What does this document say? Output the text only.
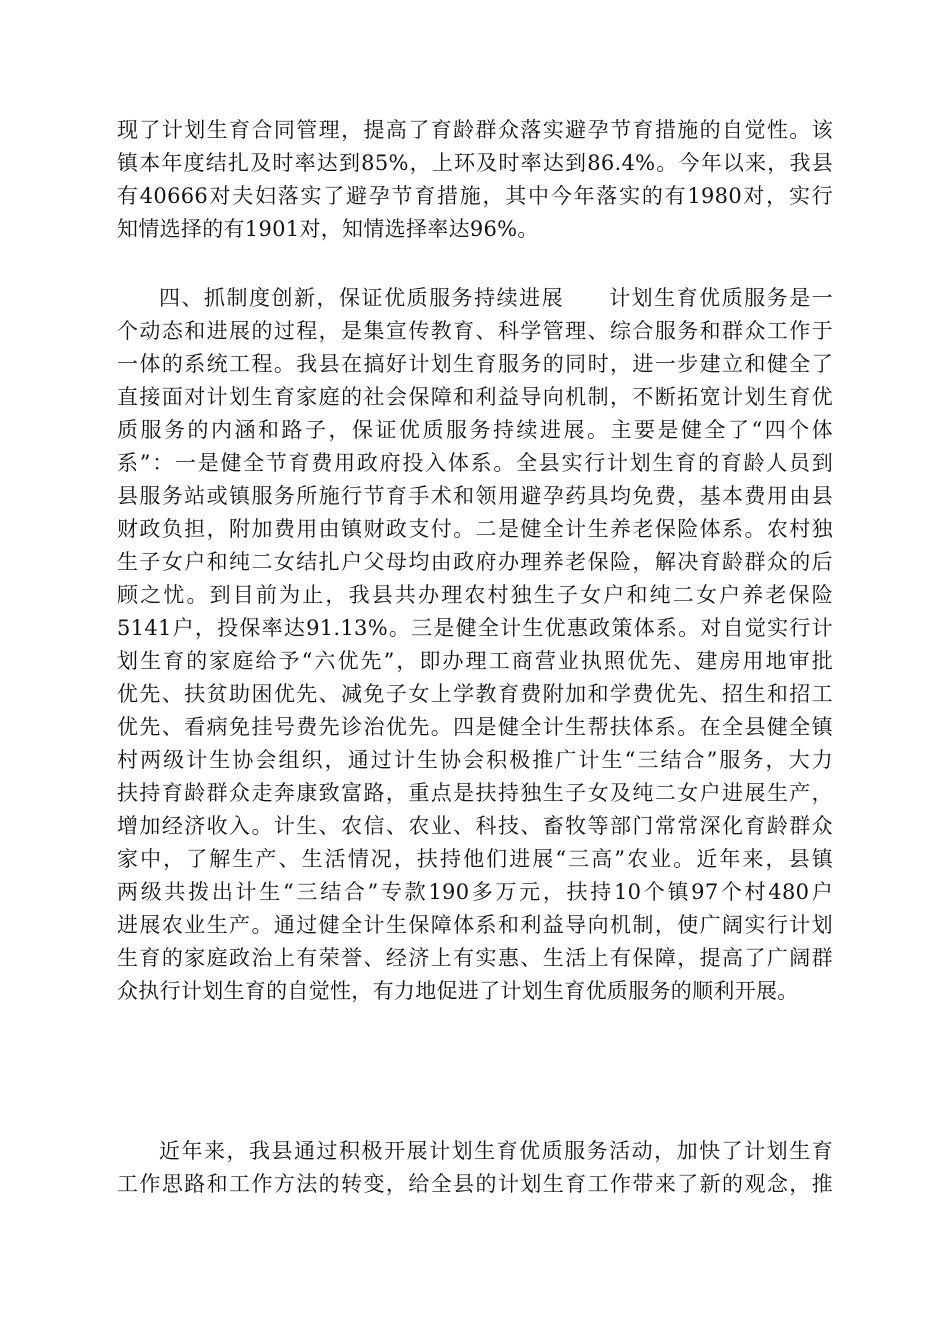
现了计划生育合同管理，提高了育龄群众落实避孕节育措施的自觉性。该
镇本年度结扎及时率达到85%，上环及时率达到86.4%。今年以来，我县
有40666对夫妇落实了避孕节育措施，其中今年落实的有1980对，实行
知情选择的有1901对，知情选择率达96%。
四、抓制度创新，保证优质服务持续进展　　计划生育优质服务是一
个动态和进展的过程，是集宣传教育、科学管理、综合服务和群众工作于
一体的系统工程。我县在搞好计划生育服务的同时，进一步建立和健全了
直接面对计划生育家庭的社会保障和利益导向机制，不断拓宽计划生育优
质服务的内涵和路子，保证优质服务持续进展。主要是健全了“四个体
系”：一是健全节育费用政府投入体系。全县实行计划生育的育龄人员到
县服务站或镇服务所施行节育手术和领用避孕药具均免费，基本费用由县
财政负担，附加费用由镇财政支付。二是健全计生养老保险体系。农村独
生子女户和纯二女结扎户父母均由政府办理养老保险，解决育龄群众的后
顾之忧。到目前为止，我县共办理农村独生子女户和纯二女户养老保险
5141户，投保率达91.13%。三是健全计生优惠政策体系。对自觉实行计
划生育的家庭给予“六优先”，即办理工商营业执照优先、建房用地审批
优先、扶贫助困优先、减免子女上学教育费附加和学费优先、招生和招工
优先、看病免挂号费先诊治优先。四是健全计生帮扶体系。在全县健全镇
村两级计生协会组织，通过计生协会积极推广计生“三结合”服务，大力
扶持育龄群众走奔康致富路，重点是扶持独生子女及纯二女户进展生产，
增加经济收入。计生、农信、农业、科技、畜牧等部门常常深化育龄群众
家中，了解生产、生活情况，扶持他们进展“三高”农业。近年来，县镇
两级共拨出计生“三结合”专款190多万元，扶持10个镇97个村480户
进展农业生产。通过健全计生保障体系和利益导向机制，使广阔实行计划
生育的家庭政治上有荣誉、经济上有实惠、生活上有保障，提高了广阔群
众执行计划生育的自觉性，有力地促进了计划生育优质服务的顺利开展。
近年来，我县通过积极开展计划生育优质服务活动，加快了计划生育
工作思路和工作方法的转变，给全县的计划生育工作带来了新的观念，推
